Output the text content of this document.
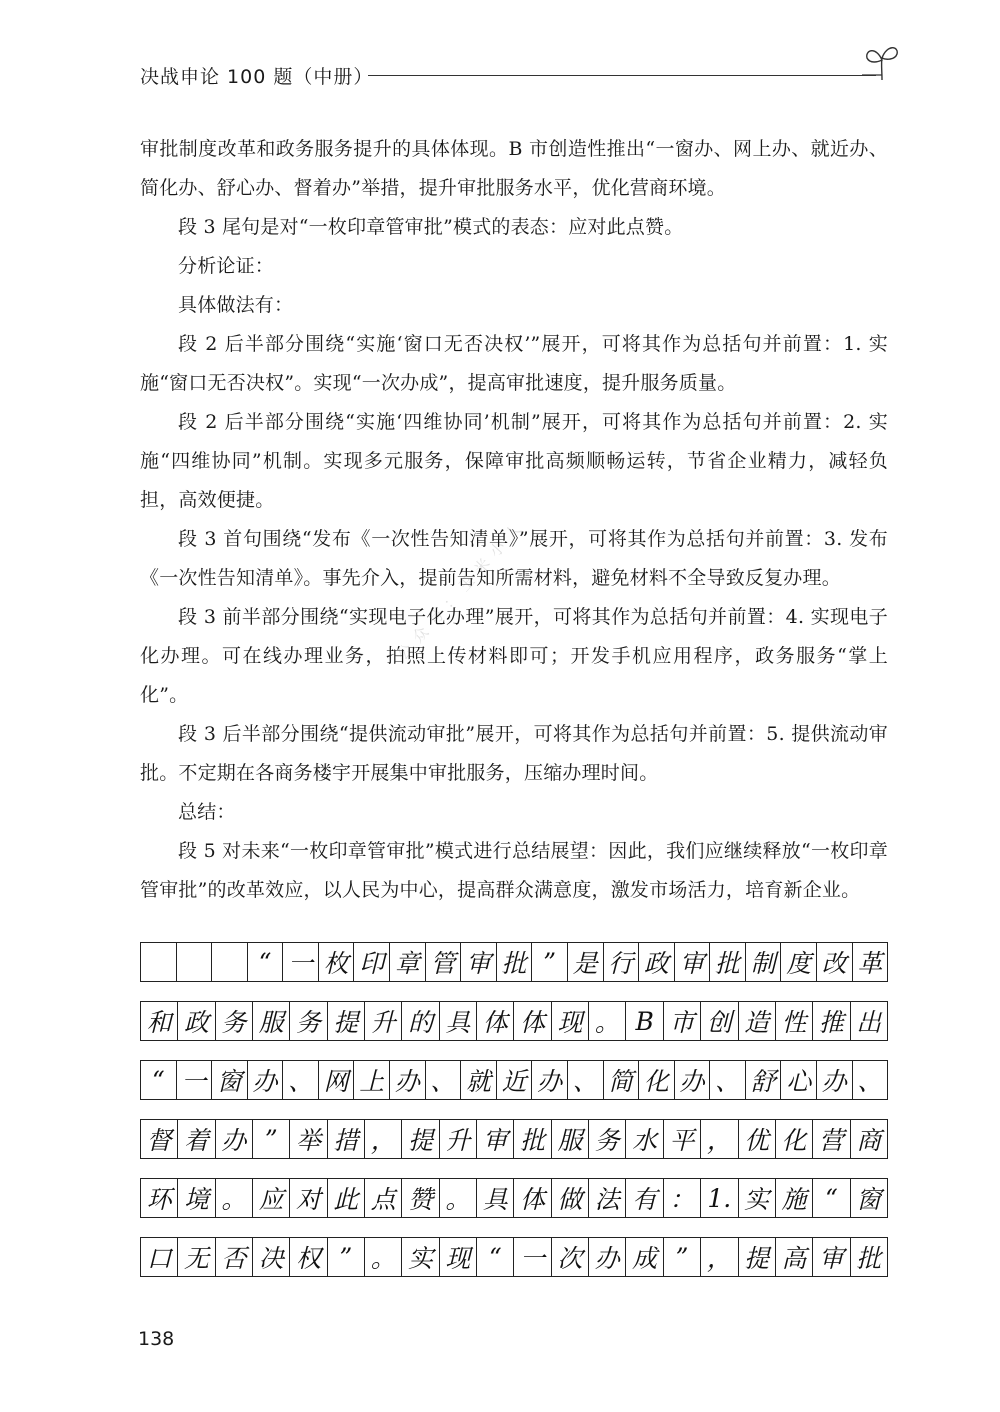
决战申论 100 题（中册）

审批制度改革和政务服务提升的具体体现。B 市创造性推出“一窗办、网上办、就近办、简化办、舒心办、督着办”举措，提升审批服务水平，优化营商环境。

段 3 尾句是对“一枚印章管审批”模式的表态：应对此点赞。

分析论证：

具体做法有：

段 2 后半部分围绕“实施‘窗口无否决权’”展开，可将其作为总括句并前置：1. 实施“窗口无否决权”。实现“一次办成”，提高审批速度，提升服务质量。

段 2 后半部分围绕“实施‘四维协同’机制”展开，可将其作为总括句并前置：2. 实施“四维协同”机制。实现多元服务，保障审批高频顺畅运转，节省企业精力，减轻负担，高效便捷。

段 3 首句围绕“发布《一次性告知清单》”展开，可将其作为总括句并前置：3. 发布《一次性告知清单》。事先介入，提前告知所需材料，避免材料不全导致反复办理。

段 3 前半部分围绕“实现电子化办理”展开，可将其作为总括句并前置：4. 实现电子化办理。可在线办理业务，拍照上传材料即可；开发手机应用程序，政务服务“掌上化”。

段 3 后半部分围绕“提供流动审批”展开，可将其作为总括句并前置：5. 提供流动审批。不定期在各商务楼宇开展集中审批服务，压缩办理时间。

总结：

段 5 对未来“一枚印章管审批”模式进行总结展望：因此，我们应继续释放“一枚印章管审批”的改革效应，以人民为中心，提高群众满意度，激发市场活力，培育新企业。

公众号：玉米小人
“ 一 枚 印 章 管 审 批 ” 是 行 政 审 批 制 度 改 革
和 政 务 服 务 提 升 的 具 体 体 现 。 B 市 创 造 性 推 出
“ 一 窗 办 、 网 上 办 、 就 近 办 、 简 化 办 、 舒 心 办 、
督 着 办 ” 举 措 ， 提 升 审 批 服 务 水 平 ， 优 化 营 商
环 境 。 应 对 此 点 赞 。 具 体 做 法 有 ： 1. 实 施 “ 窗
口 无 否 决 权 ” 。 实 现 “ 一 次 办 成 ” ， 提 高 审 批
138
